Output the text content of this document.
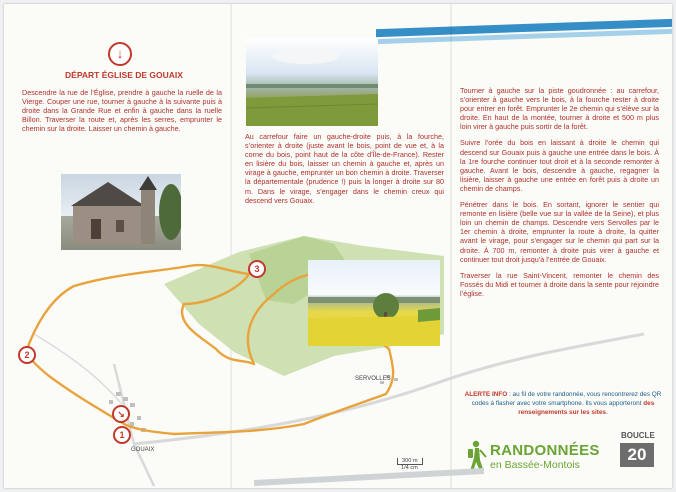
2
3
1
↘
SERVOLLES
GOUAIX
300 m
1/4 cm
↓
DÉPART ÉGLISE DE GOUAIX
Descendre la rue de l’Église, prendre à gauche la ruelle de la Vierge. Couper une rue, tourner à gauche à la suivante puis à droite dans la Grande Rue et enfin à gauche dans la ruelle Billon. Traverser la route et, après les serres, emprunter le chemin sur la droite. Laisser un chemin à gauche.
Au carrefour faire un gauche-droite puis, à la fourche, s’orienter à droite (juste avant le bois, point de vue et, à la corne du bois, point haut de la côte d’Île-de-France). Rester en lisière du bois, laisser un chemin à gauche et, après un virage à gauche, emprunter un bon chemin à droite. Traverser la départementale (prudence !) puis la longer à droite sur 80 m. Dans le virage, s’engager dans le chemin creux qui descend vers Gouaix.

Tourner à gauche sur la piste goudronnée : au carrefour, s’orienter à gauche vers le bois, à la fourche rester à droite pour entrer en forêt. Emprunter le 2e chemin qui s’élève sur la droite. En haut de la montée, tourner à droite et 500 m plus loin virer à gauche puis sortir de la forêt.

Suivre l’orée du bois en laissant à droite le chemin qui descend sur Gouaix puis à gauche une entrée dans le bois. À la 1re fourche continuer tout droit et à la seconde remonter à gauche. Avant le bois, descendre à gauche, regagner la lisière, laisser à gauche une entrée en forêt puis à droite un chemin de champs.

Pénétrer dans le bois. En sortant, ignorer le sentier qui remonte en lisière (belle vue sur la vallée de la Seine), et plus loin un chemin de champs. Descendre vers Servolles par le 1er chemin à droite, emprunter la route à droite, la quitter avant le virage, pour s’engager sur le chemin qui part sur la droite. À 700 m, remonter à droite puis virer à gauche et continuer tout droit jusqu’à l’entrée de Gouaix.

Traverser la rue Saint-Vincent, remonter le chemin des Fossés du Midi et tourner à droite dans la sente pour rejoindre l’église.

ALERTE INFO : au fil de votre randonnée, vous rencontrerez des QR codes à flasher avec votre smartphone. Ils vous apporteront des renseignements sur les sites.
RANDONNÉES
en Bassée-Montois
BOUCLE
20
